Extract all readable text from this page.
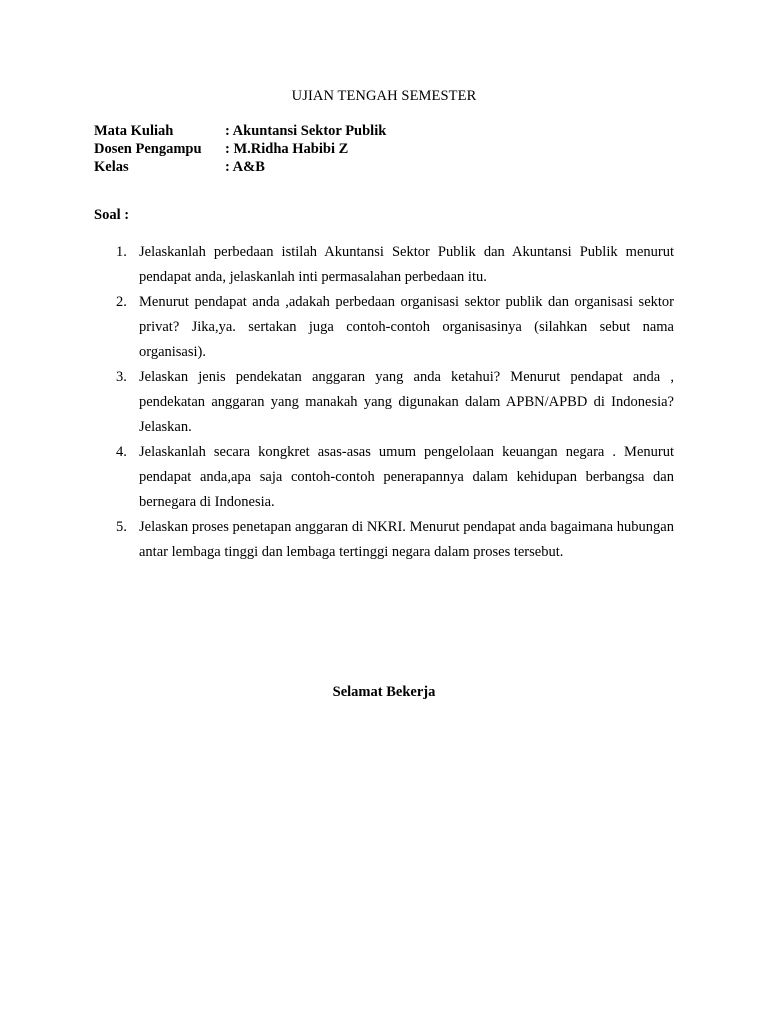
UJIAN TENGAH SEMESTER
Mata Kuliah	: Akuntansi Sektor Publik
Dosen Pengampu	: M.Ridha Habibi Z
Kelas	: A&B
Soal :
1. Jelaskanlah perbedaan istilah Akuntansi Sektor Publik dan Akuntansi Publik menurut pendapat anda, jelaskanlah inti permasalahan perbedaan itu.
2. Menurut pendapat anda ,adakah perbedaan organisasi sektor publik dan organisasi sektor privat? Jika,ya. sertakan juga contoh-contoh organisasinya (silahkan sebut nama organisasi).
3. Jelaskan jenis pendekatan anggaran yang anda ketahui? Menurut pendapat anda , pendekatan anggaran yang manakah yang digunakan dalam APBN/APBD di Indonesia? Jelaskan.
4. Jelaskanlah secara kongkret asas-asas umum pengelolaan keuangan negara . Menurut pendapat anda,apa saja contoh-contoh penerapannya dalam kehidupan berbangsa dan bernegara di Indonesia.
5. Jelaskan proses penetapan anggaran di NKRI. Menurut pendapat anda bagaimana hubungan antar lembaga tinggi dan lembaga tertinggi negara dalam proses tersebut.
Selamat Bekerja
